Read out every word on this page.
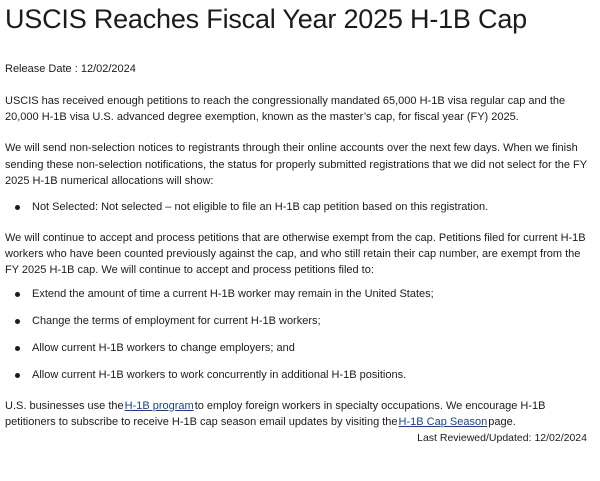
USCIS Reaches Fiscal Year 2025 H-1B Cap
Release Date : 12/02/2024

USCIS has received enough petitions to reach the congressionally mandated 65,000 H-1B visa regular cap and the 20,000 H-1B visa U.S. advanced degree exemption, known as the master’s cap, for fiscal year (FY) 2025.

We will send non-selection notices to registrants through their online accounts over the next few days. When we finish sending these non-selection notifications, the status for properly submitted registrations that we did not select for the FY 2025 H-1B numerical allocations will show:

Not Selected: Not selected – not eligible to file an H-1B cap petition based on this registration.

We will continue to accept and process petitions that are otherwise exempt from the cap. Petitions filed for current H-1B workers who have been counted previously against the cap, and who still retain their cap number, are exempt from the FY 2025 H-1B cap. We will continue to accept and process petitions filed to:

Extend the amount of time a current H-1B worker may remain in the United States;
Change the terms of employment for current H-1B workers;
Allow current H-1B workers to change employers; and
Allow current H-1B workers to work concurrently in additional H-1B positions.

U.S. businesses use theH-1B programto employ foreign workers in specialty occupations. We encourage H-1B petitioners to subscribe to receive H-1B cap season email updates by visiting theH-1B Cap Seasonpage.

Last Reviewed/Updated: 12/02/2024
